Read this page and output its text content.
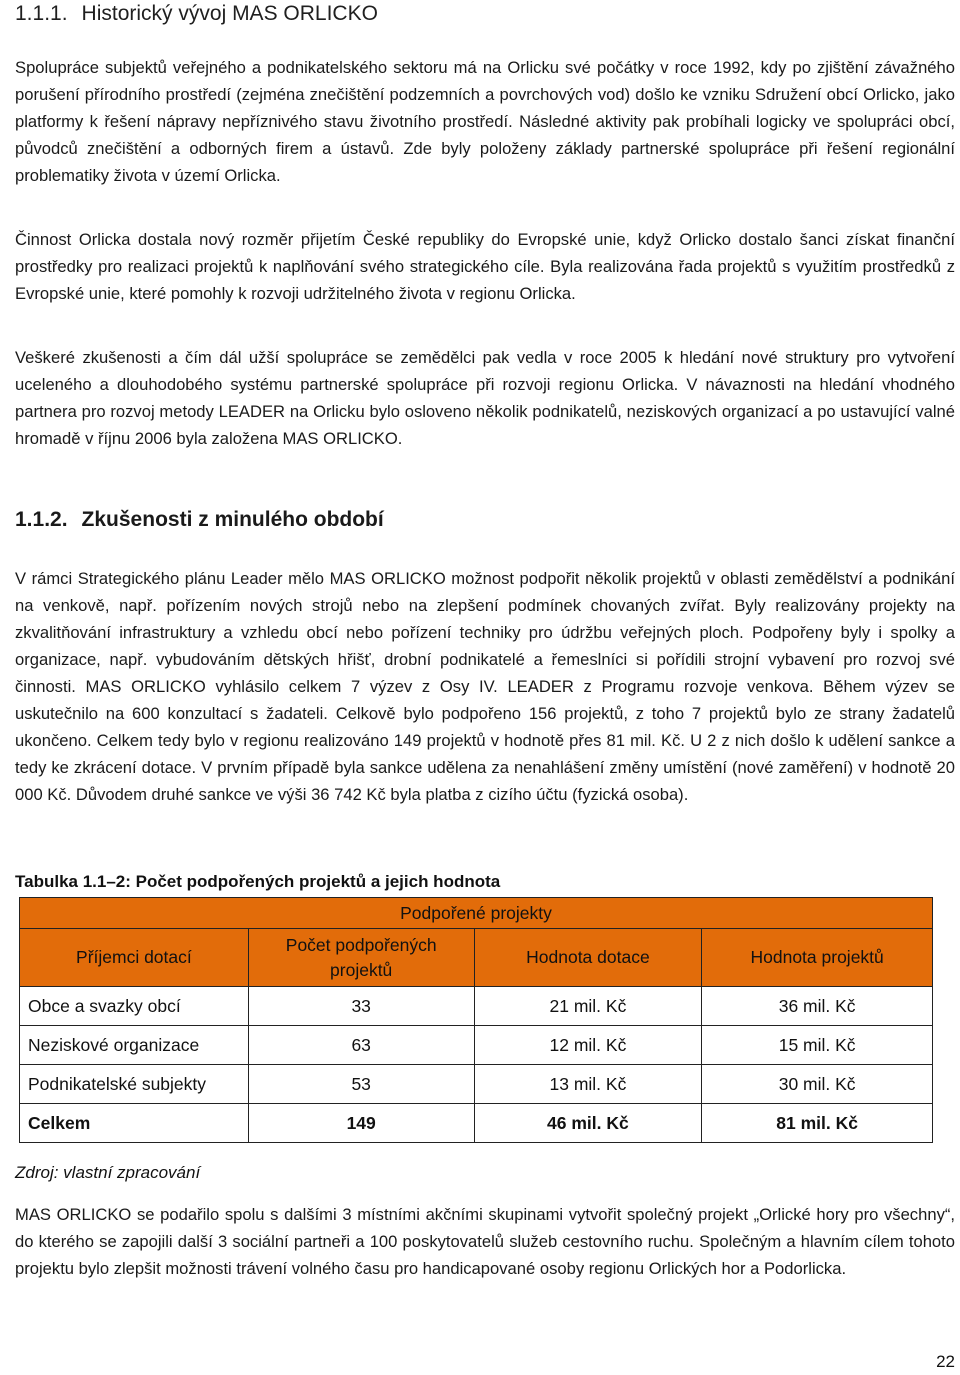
1.1.1. Historický vývoj MAS ORLICKO

Spolupráce subjektů veřejného a podnikatelského sektoru má na Orlicku své počátky v roce 1992, kdy po zjištění závažného porušení přírodního prostředí (zejména znečištění podzemních a povrchových vod) došlo ke vzniku Sdružení obcí Orlicko, jako platformy k řešení nápravy nepříznivého stavu životního prostředí. Následné aktivity pak probíhali logicky ve spolupráci obcí, původců znečištění a odborných firem a ústavů. Zde byly položeny základy partnerské spolupráce při řešení regionální problematiky života v území Orlicka.

Činnost Orlicka dostala nový rozměr přijetím České republiky do Evropské unie, když Orlicko dostalo šanci získat finanční prostředky pro realizaci projektů k naplňování svého strategického cíle. Byla realizována řada projektů s využitím prostředků z Evropské unie, které pomohly k rozvoji udržitelného života v regionu Orlicka.

Veškeré zkušenosti a čím dál užší spolupráce se zemědělci pak vedla v roce 2005 k hledání nové struktury pro vytvoření uceleného a dlouhodobého systému partnerské spolupráce při rozvoji regionu Orlicka. V návaznosti na hledání vhodného partnera pro rozvoj metody LEADER na Orlicku bylo osloveno několik podnikatelů, neziskových organizací a po ustavující valné hromadě v říjnu 2006 byla založena MAS ORLICKO.

1.1.2. Zkušenosti z minulého období

V rámci Strategického plánu Leader mělo MAS ORLICKO možnost podpořit několik projektů v oblasti zemědělství a podnikání na venkově, např. pořízením nových strojů nebo na zlepšení podmínek chovaných zvířat. Byly realizovány projekty na zkvalitňování infrastruktury a vzhledu obcí nebo pořízení techniky pro údržbu veřejných ploch. Podpořeny byly i spolky a organizace, např. vybudováním dětských hřišť, drobní podnikatelé a řemeslníci si pořídili strojní vybavení pro rozvoj své činnosti. MAS ORLICKO vyhlásilo celkem 7 výzev z Osy IV. LEADER z Programu rozvoje venkova. Během výzev se uskutečnilo na 600 konzultací s žadateli. Celkově bylo podpořeno 156 projektů, z toho 7 projektů bylo ze strany žadatelů ukončeno. Celkem tedy bylo v regionu realizováno 149 projektů v hodnotě přes 81 mil. Kč. U 2 z nich došlo k udělení sankce a tedy ke zkrácení dotace. V prvním případě byla sankce udělena za nenahlášení změny umístění (nové zaměření) v hodnotě 20 000 Kč. Důvodem druhé sankce ve výši 36 742 Kč byla platba z cizího účtu (fyzická osoba).

Tabulka 1.1–2: Počet podpořených projektů a jejich hodnota

Podpořené projekty			
Příjemci dotací	Počet podpořených projektů	Hodnota dotace	Hodnota projektů
Obce a svazky obcí	33	21 mil. Kč	36 mil. Kč
Neziskové organizace	63	12 mil. Kč	15 mil. Kč
Podnikatelské subjekty	53	13 mil. Kč	30 mil. Kč
Celkem	149	46 mil. Kč	81 mil. Kč

Zdroj: vlastní zpracování

MAS ORLICKO se podařilo spolu s dalšími 3 místními akčními skupinami vytvořit společný projekt „Orlické hory pro všechny“, do kterého se zapojili další 3 sociální partneři a 100 poskytovatelů služeb cestovního ruchu. Společným a hlavním cílem tohoto projektu bylo zlepšit možnosti trávení volného času pro handicapované osoby regionu Orlických hor a Podorlicka.

22
